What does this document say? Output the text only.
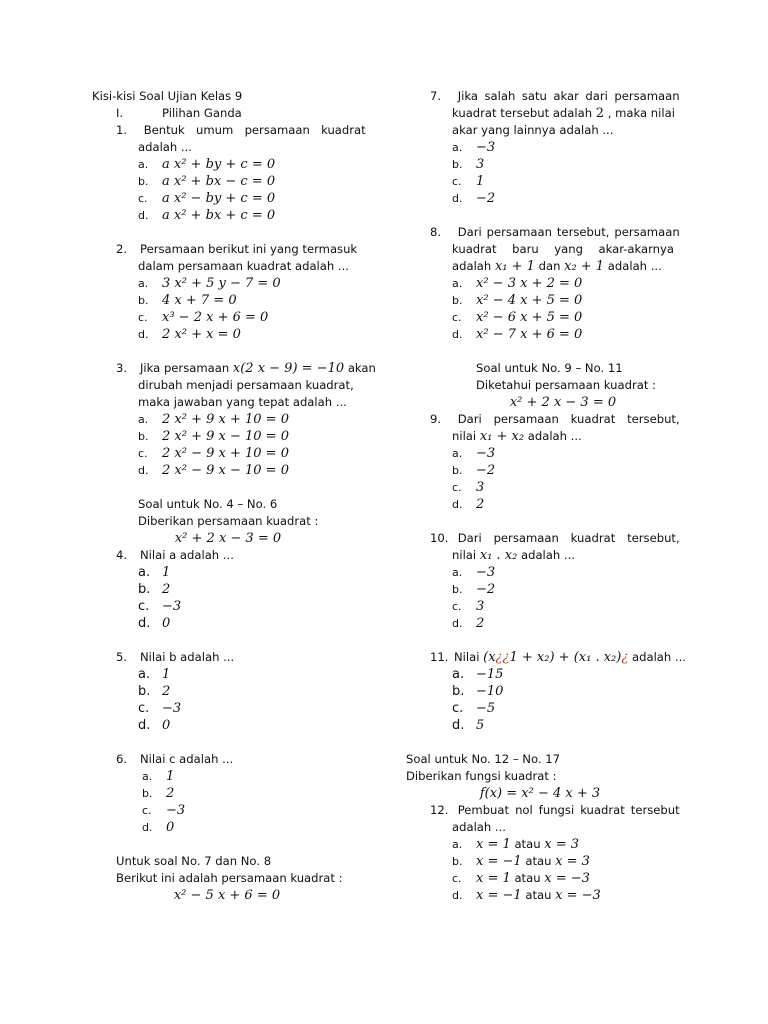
Kisi-kisi Soal Ujian Kelas 9
I.	Pilihan Ganda
1. Bentuk umum persamaan kuadrat
adalah ...
a. a x² + by + c = 0
b. a x² + bx − c = 0
c. a x² − by + c = 0
d. a x² + bx + c = 0
2. Persamaan berikut ini yang termasuk
dalam persamaan kuadrat adalah ...
a. 3 x² + 5 y − 7 = 0
b. 4 x + 7 = 0
c. x³ − 2 x + 6 = 0
d. 2 x² + x = 0
3. Jika persamaan x(2 x − 9) = −10 akan
dirubah menjadi persamaan kuadrat,
maka jawaban yang tepat adalah ...
a. 2 x² + 9 x + 10 = 0
b. 2 x² + 9 x − 10 = 0
c. 2 x² − 9 x + 10 = 0
d. 2 x² − 9 x − 10 = 0
Soal untuk No. 4 – No. 6
Diberikan persamaan kuadrat :
x² + 2 x − 3 = 0
4. Nilai a adalah ...
a. 1
b. 2
c. −3
d. 0
5. Nilai b adalah ...
a. 1
b. 2
c. −3
d. 0
6. Nilai c adalah ...
a. 1
b. 2
c. −3
d. 0
Untuk soal No. 7 dan No. 8
Berikut ini adalah persamaan kuadrat :
x² − 5 x + 6 = 0
7. Jika salah satu akar dari persamaan
kuadrat tersebut adalah 2 , maka nilai
akar yang lainnya adalah ...
a. −3
b. 3
c. 1
d. −2
8. Dari persamaan tersebut, persamaan
kuadrat baru yang akar-akarnya
adalah x₁ + 1 dan x₂ + 1 adalah ...
a. x² − 3 x + 2 = 0
b. x² − 4 x + 5 = 0
c. x² − 6 x + 5 = 0
d. x² − 7 x + 6 = 0
Soal untuk No. 9 – No. 11
Diketahui persamaan kuadrat :
x² + 2 x − 3 = 0
9. Dari persamaan kuadrat tersebut,
nilai x₁ + x₂ adalah ...
a. −3
b. −2
c. 3
d. 2
10. Dari persamaan kuadrat tersebut,
nilai x₁ . x₂ adalah ...
a. −3
b. −2
c. 3
d. 2
11. Nilai (x¿¿1 + x₂) + (x₁ . x₂)¿ adalah ...
a. −15
b. −10
c. −5
d. 5
Soal untuk No. 12 – No. 17
Diberikan fungsi kuadrat :
f(x) = x² − 4 x + 3
12. Pembuat nol fungsi kuadrat tersebut
adalah ...
a. x = 1 atau x = 3
b. x = −1 atau x = 3
c. x = 1 atau x = −3
d. x = −1 atau x = −3
